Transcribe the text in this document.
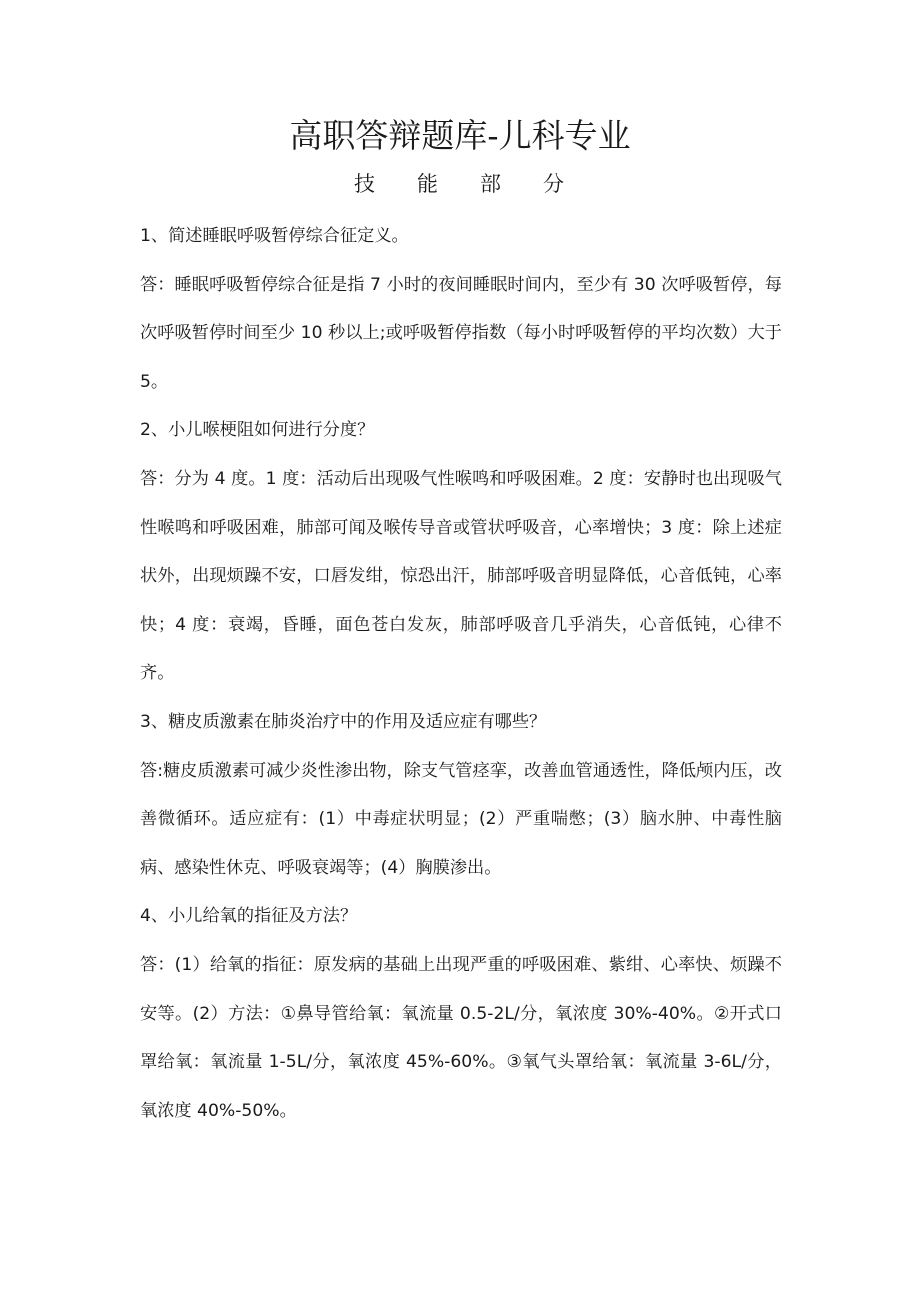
高职答辩题库-儿科专业
技 能 部 分

1、简述睡眠呼吸暂停综合征定义。

答：睡眠呼吸暂停综合征是指 7 小时的夜间睡眠时间内，至少有 30 次呼吸暂停，每次呼吸暂停时间至少 10 秒以上;或呼吸暂停指数（每小时呼吸暂停的平均次数）大于 5。

2、小儿喉梗阻如何进行分度？

答：分为 4 度。1 度：活动后出现吸气性喉鸣和呼吸困难。2 度：安静时也出现吸气性喉鸣和呼吸困难，肺部可闻及喉传导音或管状呼吸音，心率增快；3 度：除上述症状外，出现烦躁不安，口唇发绀，惊恐出汗，肺部呼吸音明显降低，心音低钝，心率快；4 度：衰竭，昏睡，面色苍白发灰，肺部呼吸音几乎消失，心音低钝，心律不齐。

3、糖皮质激素在肺炎治疗中的作用及适应症有哪些？

答:糖皮质激素可减少炎性渗出物，除支气管痉挛，改善血管通透性，降低颅内压，改善微循环。适应症有：(1）中毒症状明显；(2）严重喘憋；(3）脑水肿、中毒性脑病、感染性休克、呼吸衰竭等；(4）胸膜渗出。

4、小儿给氧的指征及方法？

答：(1）给氧的指征：原发病的基础上出现严重的呼吸困难、紫绀、心率快、烦躁不安等。(2）方法：①鼻导管给氧：氧流量 0.5-2L/分，氧浓度 30%-40%。②开式口罩给氧：氧流量 1-5L/分，氧浓度 45%-60%。③氧气头罩给氧：氧流量 3-6L/分，氧浓度 40%-50%。
